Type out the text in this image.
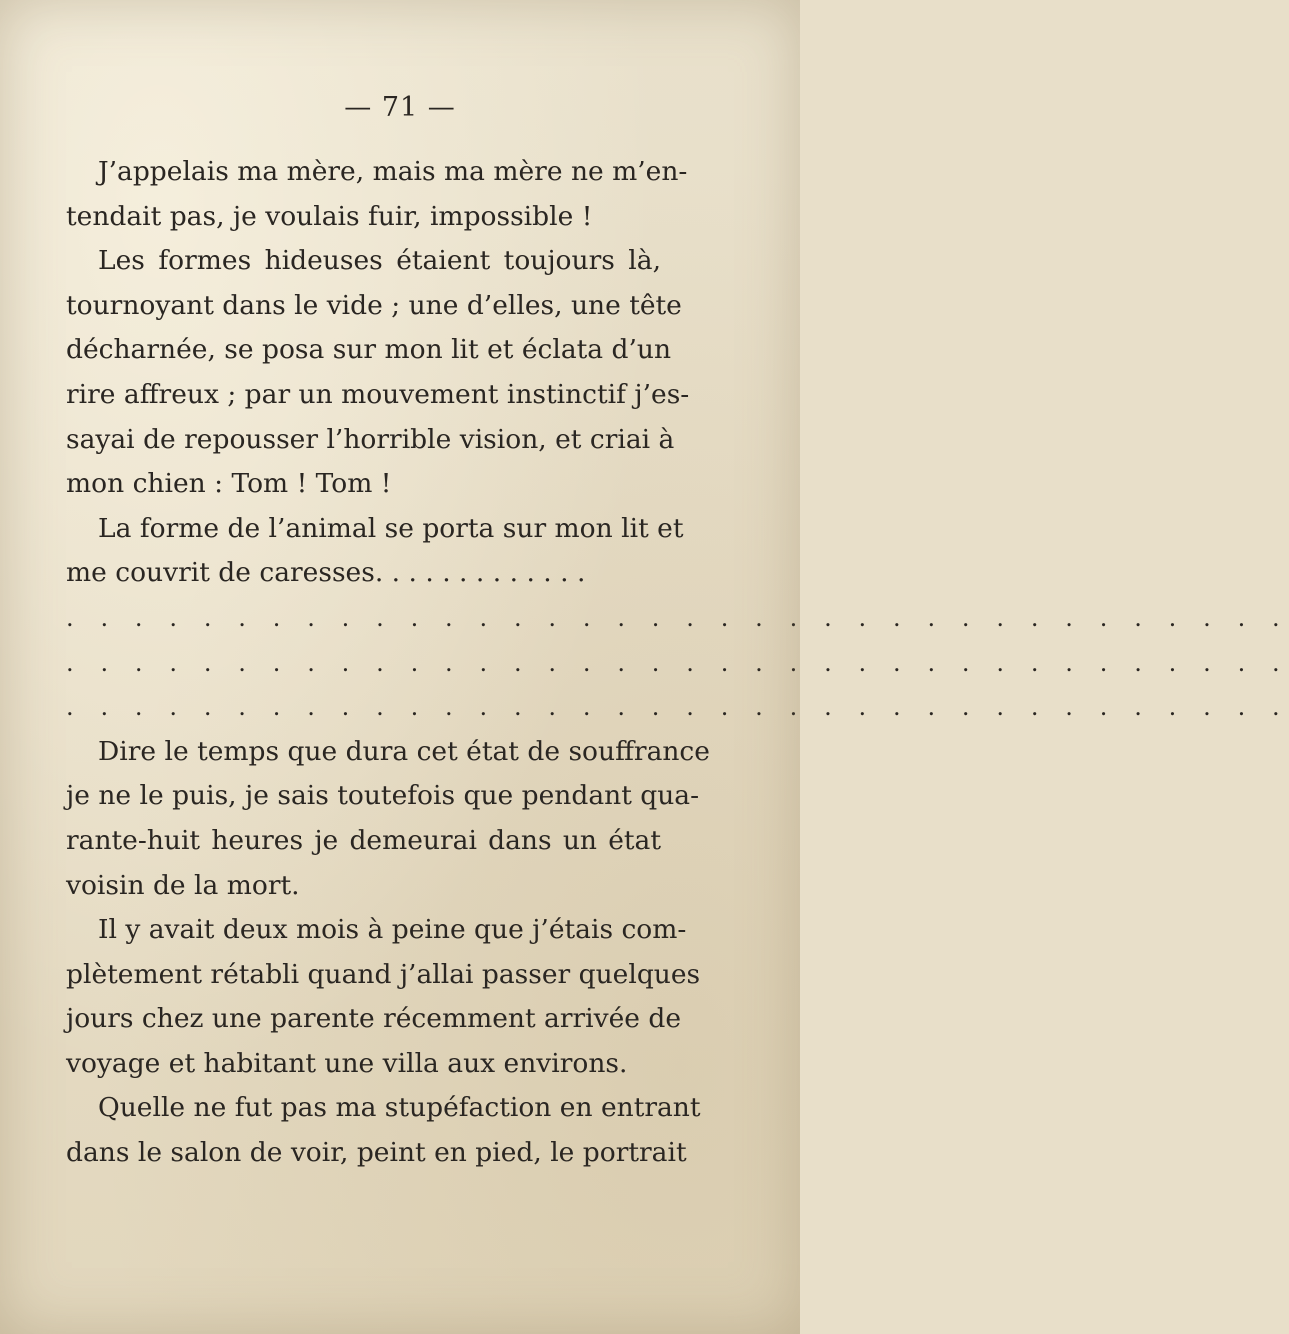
— 71 —
J’appelais ma mère, mais ma mère ne m’en-
tendait pas, je voulais fuir, impossible !
Les formes hideuses étaient toujours là,
tournoyant dans le vide ; une d’elles, une tête
décharnée, se posa sur mon lit et éclata d’un
rire affreux ; par un mouvement instinctif j’es-
sayai de repousser l’horrible vision, et criai à
mon chien : Tom ! Tom !
La forme de l’animal se porta sur mon lit et
me couvrit de caresses. . . . . . . . . . . . .
. . . . . . . . . . . . . . . . . . . . . . . . . . . . . . . . . . . .
. . . . . . . . . . . . . . . . . . . . . . . . . . . . . . . . . . . .
. . . . . . . . . . . . . . . . . . . . . . . . . . . . . . . . . . . .
Dire le temps que dura cet état de souffrance
je ne le puis, je sais toutefois que pendant qua-
rante-huit heures je demeurai dans un état
voisin de la mort.
Il y avait deux mois à peine que j’étais com-
plètement rétabli quand j’allai passer quelques
jours chez une parente récemment arrivée de
voyage et habitant une villa aux environs.
Quelle ne fut pas ma stupéfaction en entrant
dans le salon de voir, peint en pied, le portrait
